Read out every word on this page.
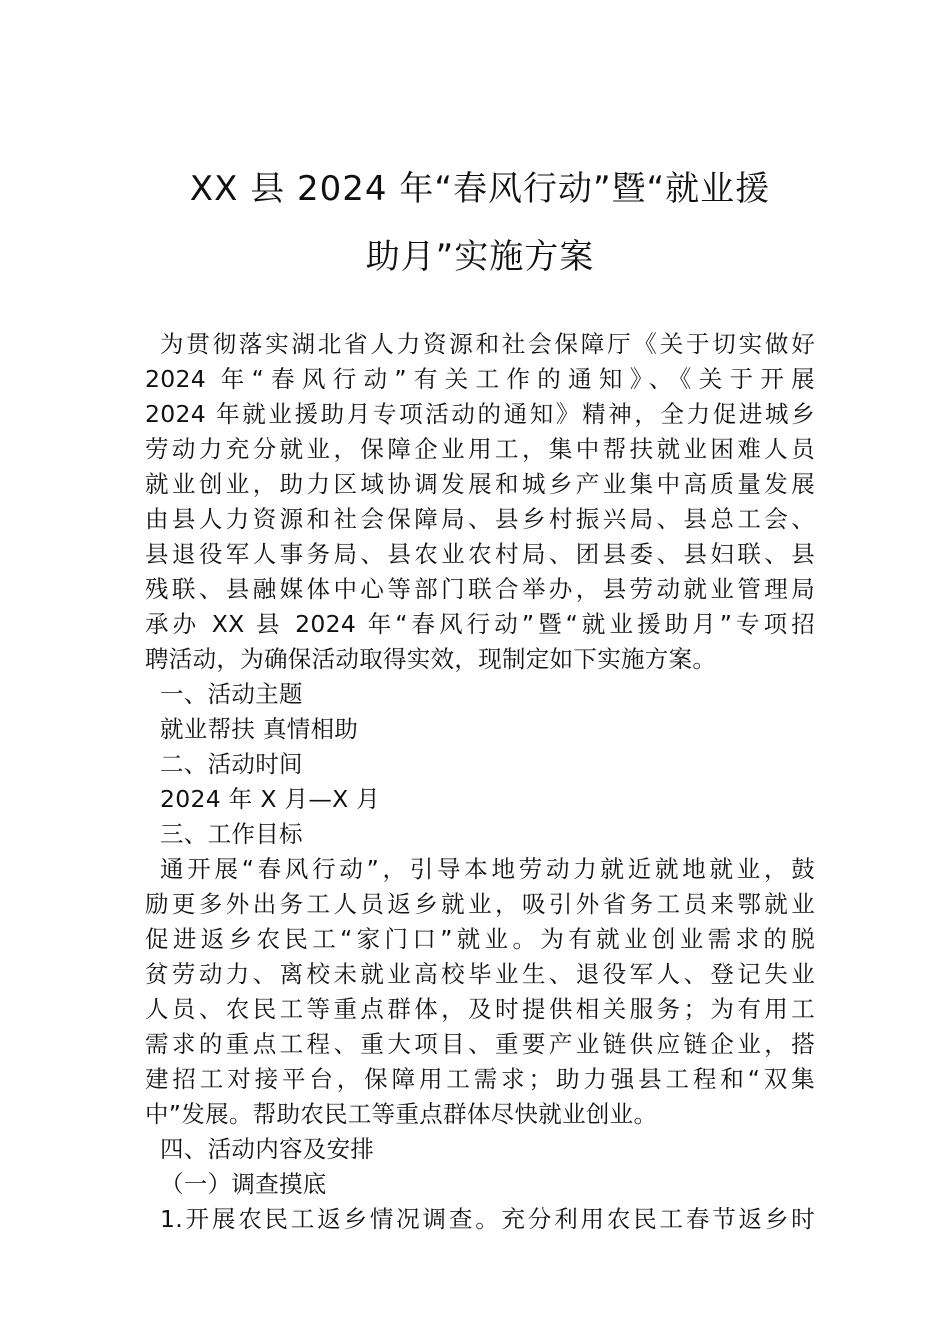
XX 县 2024 年“春风行动”暨“就业援
助月”实施方案

为贯彻落实湖北省人力资源和社会保障厅《关于切实做好

2024 年“春风行动”有关工作的通知》、《关于开展

2024 年就业援助月专项活动的通知》精神，全力促进城乡

劳动力充分就业，保障企业用工，集中帮扶就业困难人员

就业创业，助力区域协调发展和城乡产业集中高质量发展

由县人力资源和社会保障局、县乡村振兴局、县总工会、

县退役军人事务局、县农业农村局、团县委、县妇联、县

残联、县融媒体中心等部门联合举办，县劳动就业管理局

承办 XX 县 2024 年“春风行动”暨“就业援助月”专项招

聘活动，为确保活动取得实效，现制定如下实施方案。

一、活动主题

就业帮扶 真情相助

二、活动时间

2024 年 X 月—X 月

三、工作目标

通开展“春风行动”，引导本地劳动力就近就地就业，鼓

励更多外出务工人员返乡就业，吸引外省务工员来鄂就业

促进返乡农民工“家门口”就业。为有就业创业需求的脱

贫劳动力、离校未就业高校毕业生、退役军人、登记失业

人员、农民工等重点群体，及时提供相关服务；为有用工

需求的重点工程、重大项目、重要产业链供应链企业，搭

建招工对接平台，保障用工需求；助力强县工程和“双集

中”发展。帮助农民工等重点群体尽快就业创业。

四、活动内容及安排

（一）调查摸底

1.开展农民工返乡情况调查。充分利用农民工春节返乡时
